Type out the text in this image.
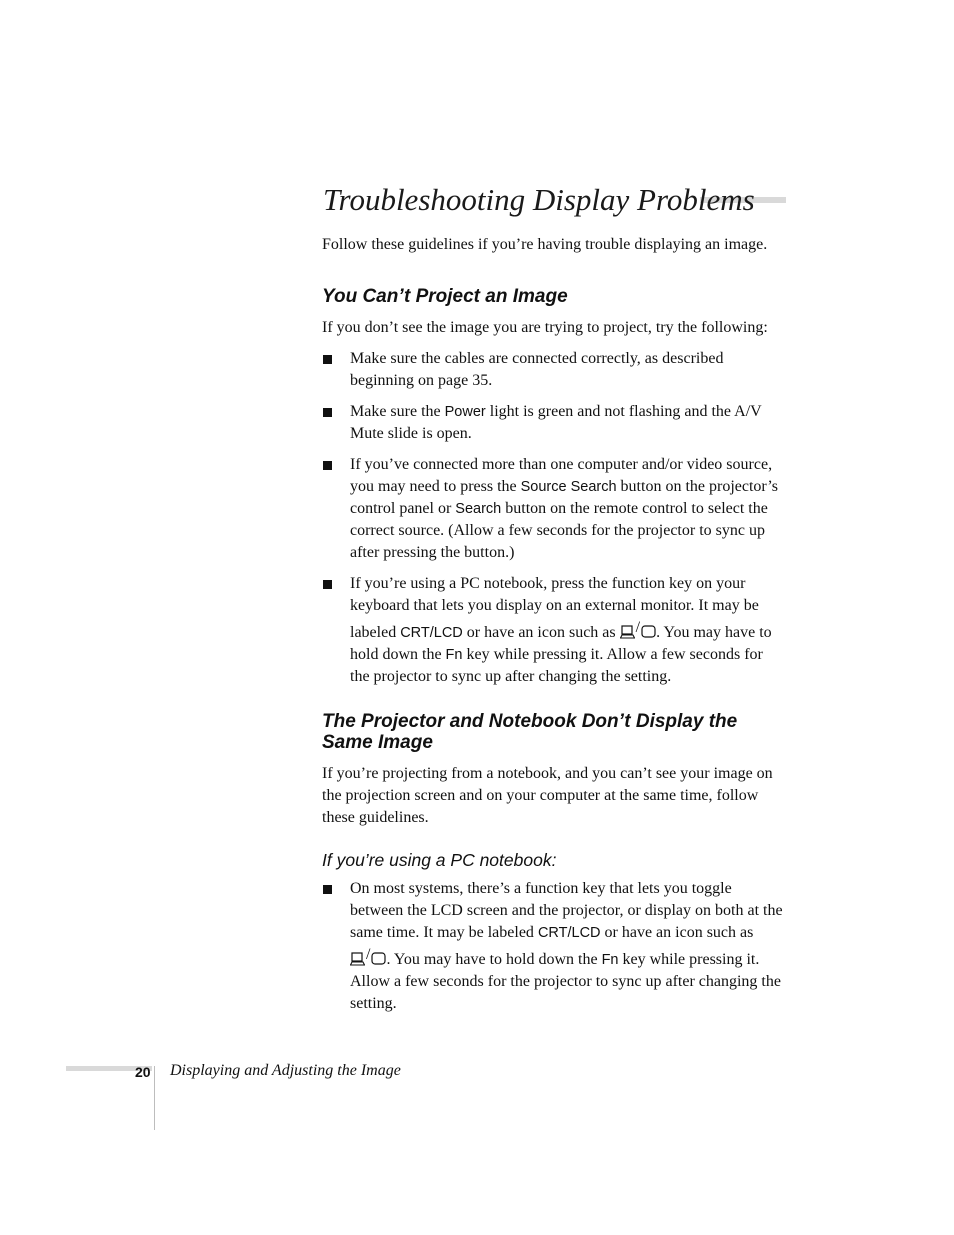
Troubleshooting Display Problems

Follow these guidelines if you’re having trouble displaying an image.

You Can’t Project an Image

If you don’t see the image you are trying to project, try the following:

Make sure the cables are connected correctly, as described beginning on page 35.

Make sure the Power light is green and not flashing and the A/V Mute slide is open.

If you’ve connected more than one computer and/or video source, you may need to press the Source Search button on the projector’s control panel or Search button on the remote control to select the correct source. (Allow a few seconds for the projector to sync up after pressing the button.)

If you’re using a PC notebook, press the function key on your keyboard that lets you display on an external monitor. It may be labeled CRT/LCD or have an icon such as / . You may have to hold down the Fn key while pressing it. Allow a few seconds for the projector to sync up after changing the setting.

The Projector and Notebook Don’t Display the Same Image

If you’re projecting from a notebook, and you can’t see your image on the projection screen and on your computer at the same time, follow these guidelines.

If you’re using a PC notebook:

On most systems, there’s a function key that lets you toggle between the LCD screen and the projector, or display on both at the same time. It may be labeled CRT/LCD or have an icon such as
/ . You may have to hold down the Fn key while pressing it. Allow a few seconds for the projector to sync up after changing the setting.

20 Displaying and Adjusting the Image
